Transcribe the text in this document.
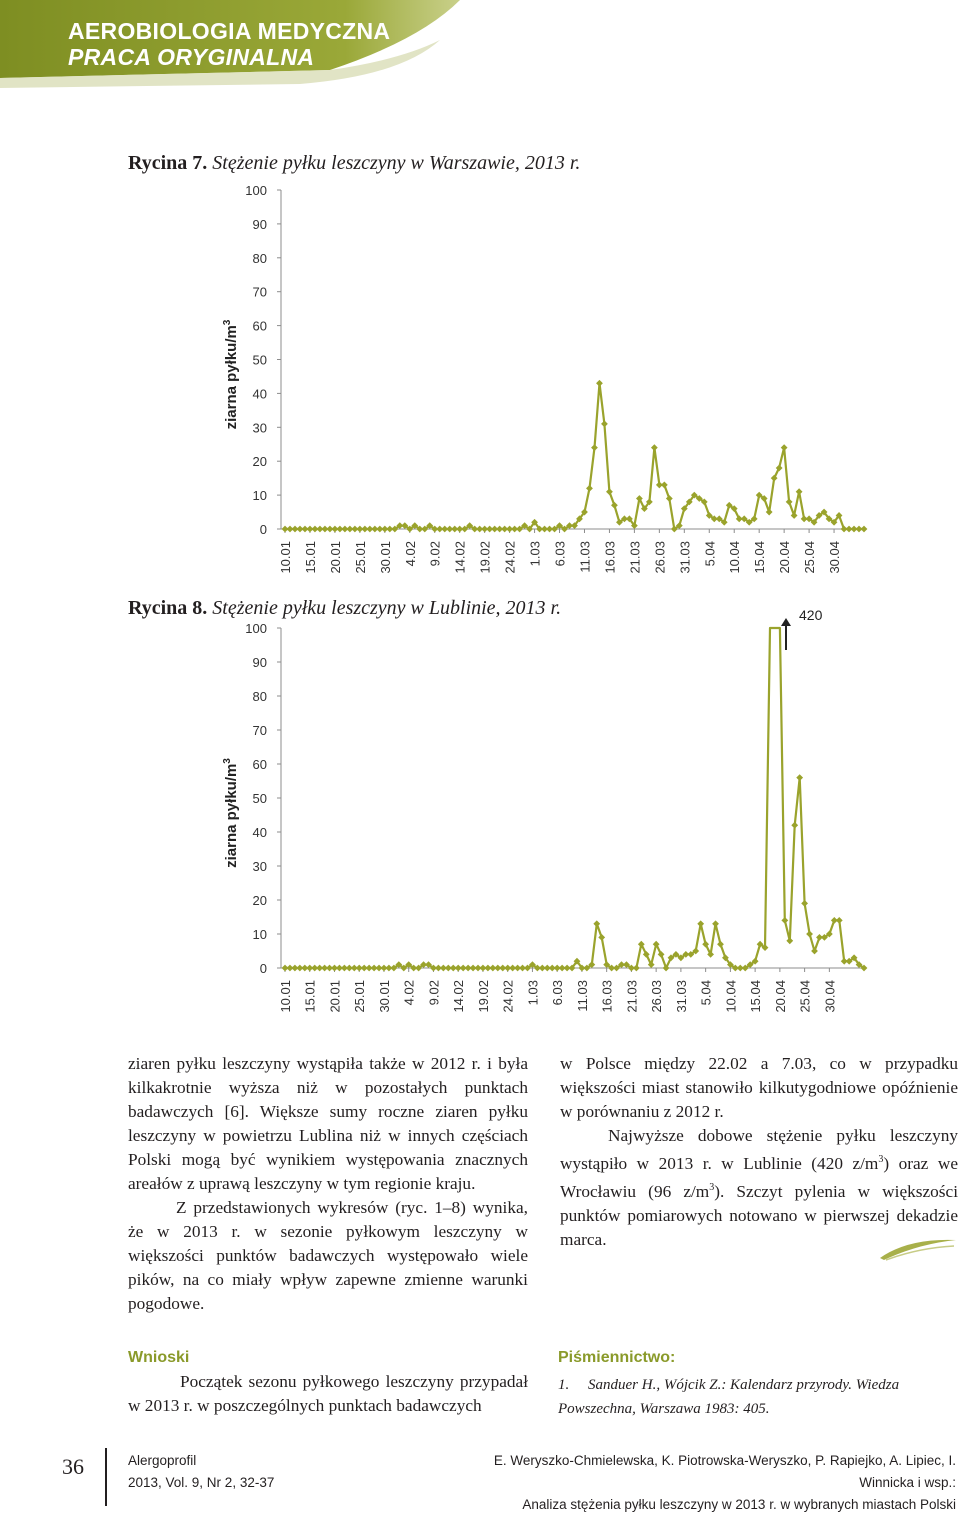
AEROBIOLOGIA MEDYCZNA
PRACA ORYGINALNA
Rycina 7. Stężenie pyłku leszczyny w Warszawie, 2013 r.
0
10
20
30
40
50
60
70
80
90
100
ziarna pyłku/$m^3$
10.01 15.01 20.01 25.01 30.01 4.02 9.02 14.02 19.02 24.02 1.03 6.03 11.03 16.03 21.03 26.03 31.03 5.04 10.04 15.04 20.04 25.04 30.04
Rycina 8. Stężenie pyłku leszczyny w Lublinie, 2013 r.
0
10
20
30
40
50
60
70
80
90
100
ziarna pyłku/$m^3$
10.01 15.01 20.01 25.01 30.01 4.02 9.02 14.02 19.02 24.02 1.03 6.03 11.03 16.03 21.03 26.03 31.03 5.04 10.04 15.04 20.04 25.04 30.04
420

ziaren pyłku leszczyny wystąpiła także w 2012 r. i była kilkakrotnie wyższa niż w pozostałych punktach badawczych [6]. Większe sumy roczne ziaren pyłku leszczyny w powietrzu Lublina niż w innych częściach Polski mogą być wynikiem występowania znacznych areałów z uprawą leszczyny w tym regionie kraju.

Z przedstawionych wykresów (ryc. 1–8) wynika, że w 2013 r. w sezonie pyłkowym leszczyny w większości punktów badawczych występowało wiele pików, na co miały wpływ zapewne zmienne warunki pogodowe.

w Polsce między 22.02 a 7.03, co w przypadku większości miast stanowiło kilkutygodniowe opóźnienie w porównaniu z 2012 r.

Najwyższe dobowe stężenie pyłku leszczyny wystąpiło w 2013 r. w Lublinie (420 $z/m^3$) oraz we Wrocławiu (96 $z/m^3$). Szczyt pylenia w większości punktów pomiarowych notowano w pierwszej dekadzie marca.

Wnioski

Początek sezonu pyłkowego leszczyny przypadał w 2013 r. w poszczególnych punktach badawczych

Piśmiennictwo:
1. Sanduer H., Wójcik Z.: Kalendarz przyrody. Wiedza Powszechna, Warszawa 1983: 405.
36	Alergoprofil
2013, Vol. 9, Nr 2, 32-37
E. Weryszko-Chmielewska, K. Piotrowska-Weryszko, P. Rapiejko, A. Lipiec, I. Winnicka i wsp.:
Analiza stężenia pyłku leszczyny w 2013 r. w wybranych miastach Polski
